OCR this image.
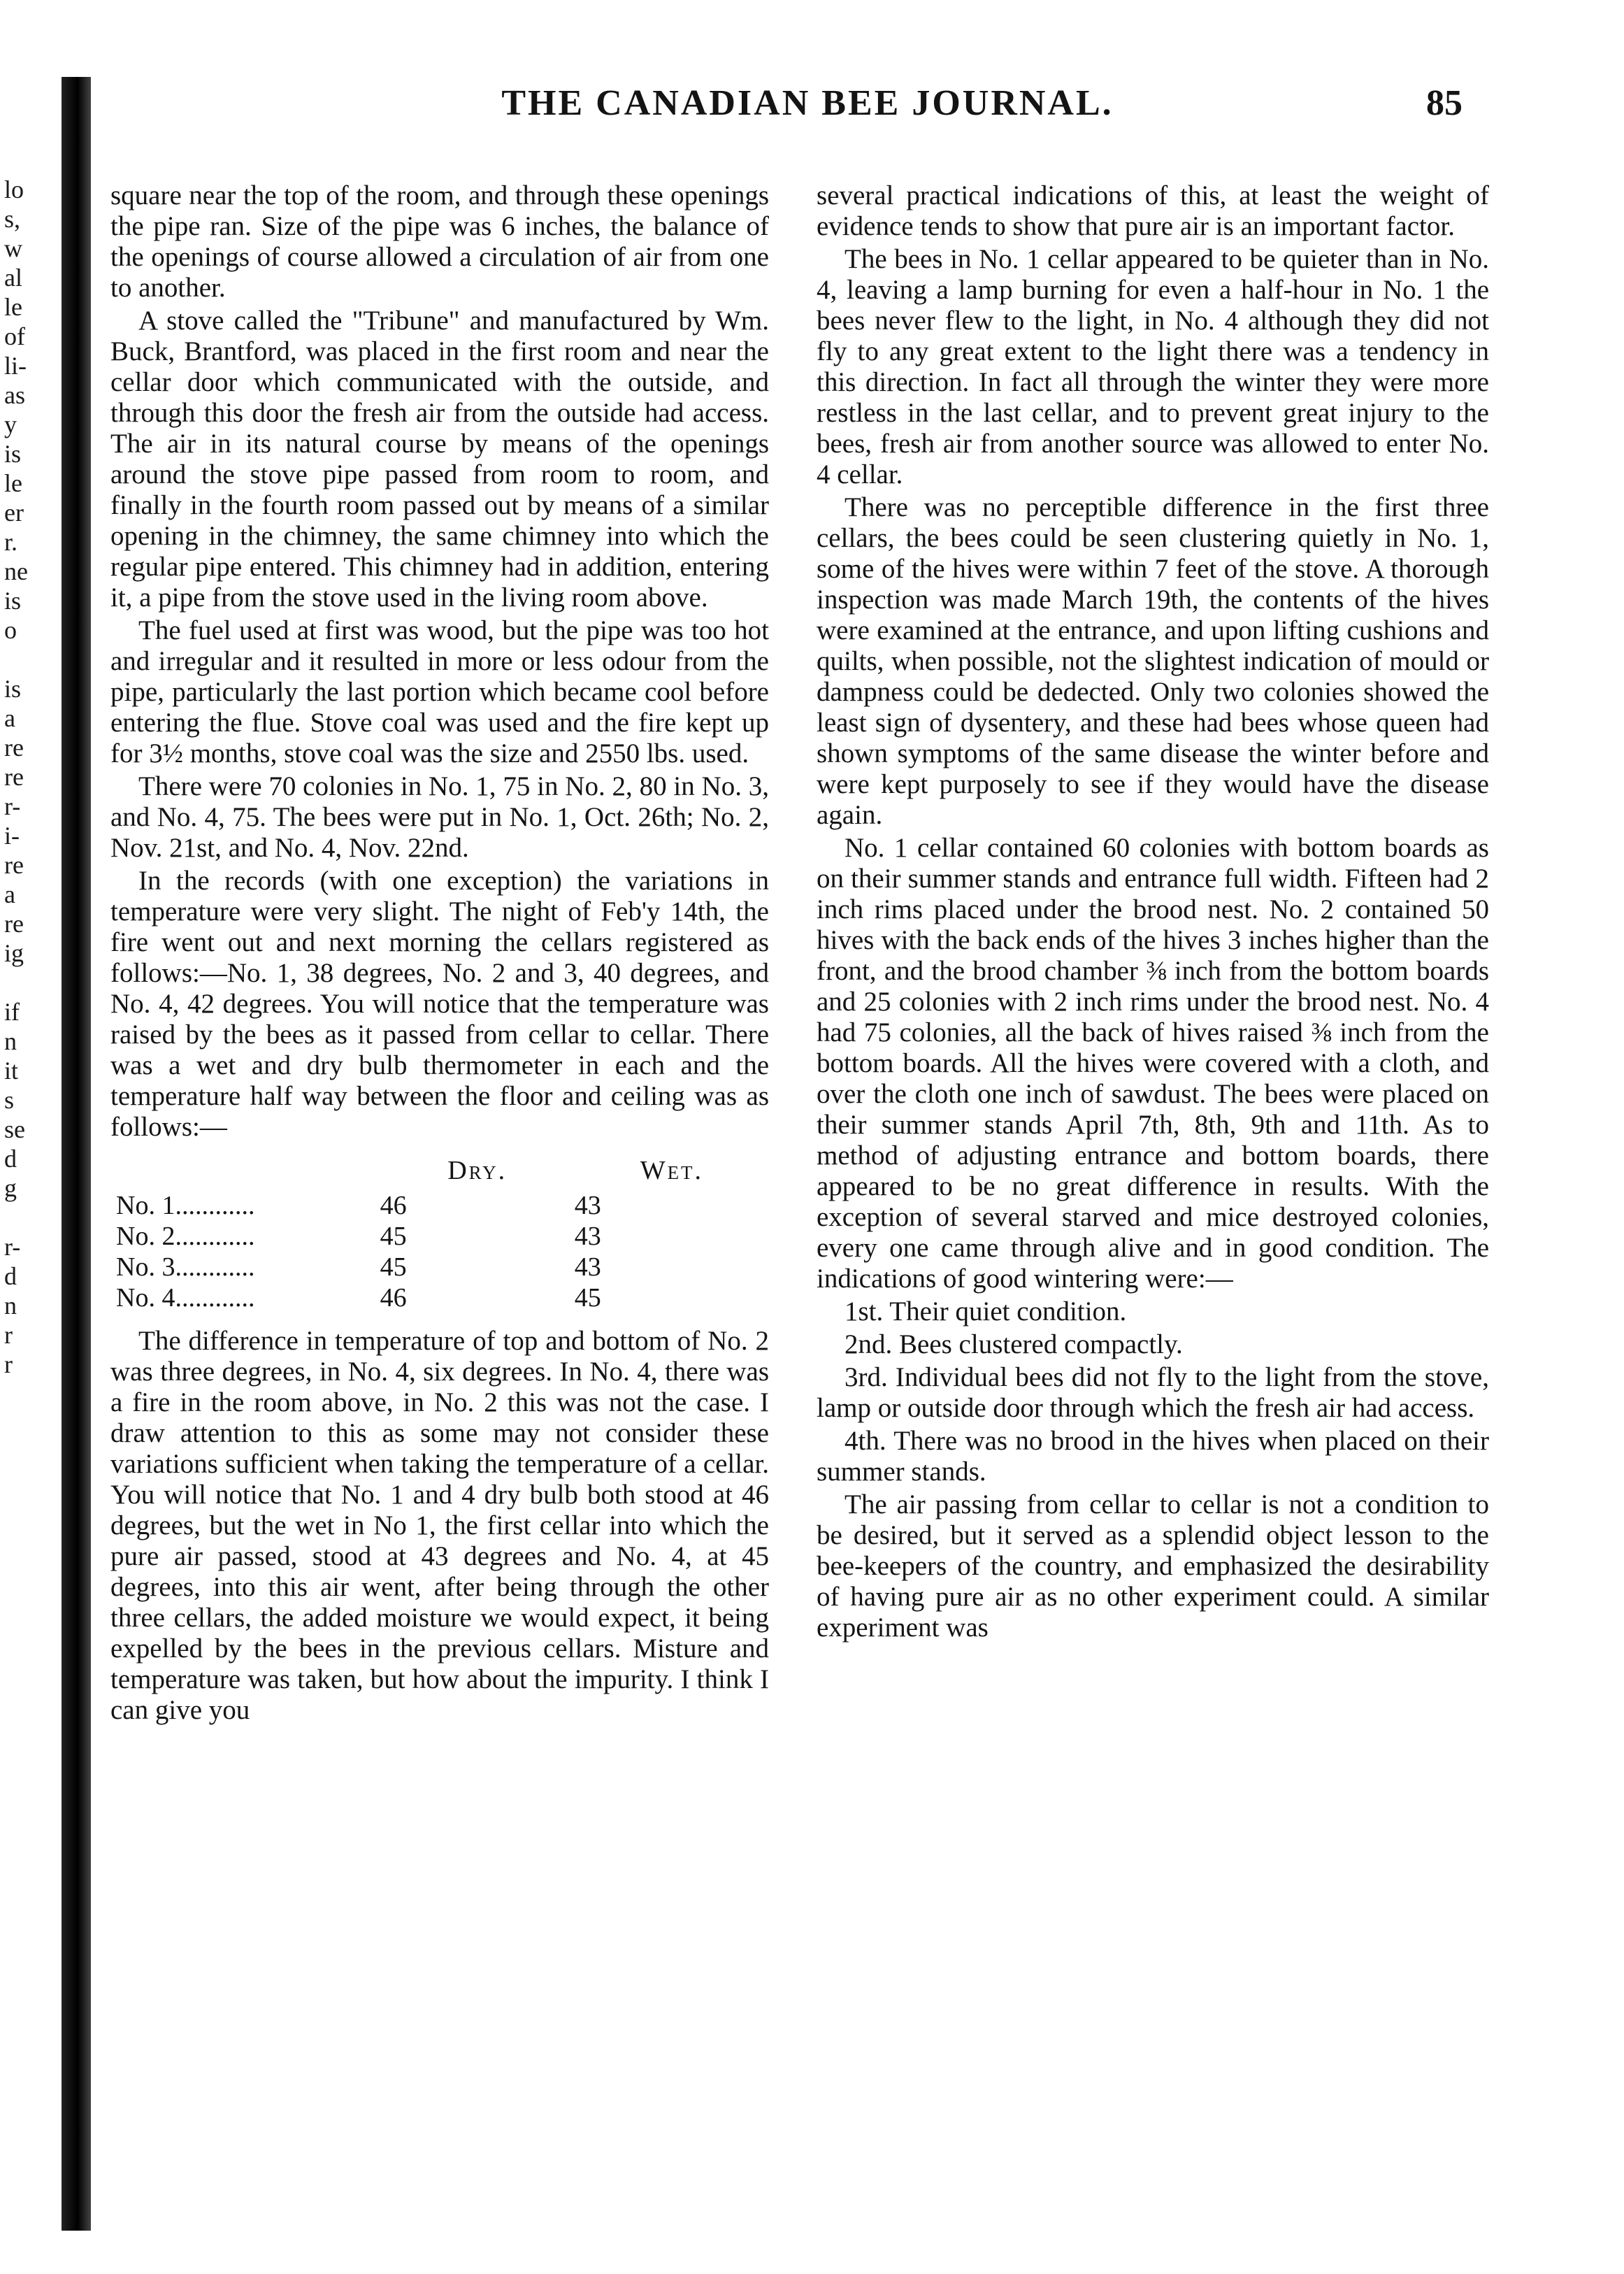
THE CANADIAN BEE JOURNAL.	85
lo
s,
w
al
le
of
li-
as
y
is
le
er
r.
ne
is
o
is
a
re
re
r-
i-
re
a
re
ig
if
n
it
s
se
d
g
r-
d
n
r
r

square near the top of the room, and through these openings the pipe ran. Size of the pipe was 6 inches, the balance of the openings of course allowed a circulation of air from one to another.

A stove called the "Tribune" and manufactured by Wm. Buck, Brantford, was placed in the first room and near the cellar door which communicated with the outside, and through this door the fresh air from the outside had access. The air in its natural course by means of the openings around the stove pipe passed from room to room, and finally in the fourth room passed out by means of a similar opening in the chimney, the same chimney into which the regular pipe entered. This chimney had in addition, entering it, a pipe from the stove used in the living room above.

The fuel used at first was wood, but the pipe was too hot and irregular and it resulted in more or less odour from the pipe, particularly the last portion which became cool before entering the flue. Stove coal was used and the fire kept up for 3½ months, stove coal was the size and 2550 lbs. used.

There were 70 colonies in No. 1, 75 in No. 2, 80 in No. 3, and No. 4, 75. The bees were put in No. 1, Oct. 26th; No. 2, Nov. 21st, and No. 4, Nov. 22nd.

In the records (with one exception) the variations in temperature were very slight. The night of Feb'y 14th, the fire went out and next morning the cellars registered as follows:—No. 1, 38 degrees, No. 2 and 3, 40 degrees, and No. 4, 42 degrees. You will notice that the temperature was raised by the bees as it passed from cellar to cellar. There was a wet and dry bulb thermometer in each and the temperature half way between the floor and ceiling was as follows:—

	Dry.	Wet.
No. 1............	46	43
No. 2............	45	43
No. 3............	45	43
No. 4............	46	45

The difference in temperature of top and bottom of No. 2 was three degrees, in No. 4, six degrees. In No. 4, there was a fire in the room above, in No. 2 this was not the case. I draw attention to this as some may not consider these variations sufficient when taking the temperature of a cellar. You will notice that No. 1 and 4 dry bulb both stood at 46 degrees, but the wet in No 1, the first cellar into which the pure air passed, stood at 43 degrees and No. 4, at 45 degrees, into this air went, after being through the other three cellars, the added moisture we would expect, it being expelled by the bees in the previous cellars. Misture and temperature was taken, but how about the impurity. I think I can give you

several practical indications of this, at least the weight of evidence tends to show that pure air is an important factor.

The bees in No. 1 cellar appeared to be quieter than in No. 4, leaving a lamp burning for even a half-hour in No. 1 the bees never flew to the light, in No. 4 although they did not fly to any great extent to the light there was a tendency in this direction. In fact all through the winter they were more restless in the last cellar, and to prevent great injury to the bees, fresh air from another source was allowed to enter No. 4 cellar.

There was no perceptible difference in the first three cellars, the bees could be seen clustering quietly in No. 1, some of the hives were within 7 feet of the stove. A thorough inspection was made March 19th, the contents of the hives were examined at the entrance, and upon lifting cushions and quilts, when possible, not the slightest indication of mould or dampness could be dedected. Only two colonies showed the least sign of dysentery, and these had bees whose queen had shown symptoms of the same disease the winter before and were kept purposely to see if they would have the disease again.

No. 1 cellar contained 60 colonies with bottom boards as on their summer stands and entrance full width. Fifteen had 2 inch rims placed under the brood nest. No. 2 contained 50 hives with the back ends of the hives 3 inches higher than the front, and the brood chamber ⅜ inch from the bottom boards and 25 colonies with 2 inch rims under the brood nest. No. 4 had 75 colonies, all the back of hives raised ⅜ inch from the bottom boards. All the hives were covered with a cloth, and over the cloth one inch of sawdust. The bees were placed on their summer stands April 7th, 8th, 9th and 11th. As to method of adjusting entrance and bottom boards, there appeared to be no great difference in results. With the exception of several starved and mice destroyed colonies, every one came through alive and in good condition. The indications of good wintering were:—

1st. Their quiet condition.

2nd. Bees clustered compactly.

3rd. Individual bees did not fly to the light from the stove, lamp or outside door through which the fresh air had access.

4th. There was no brood in the hives when placed on their summer stands.

The air passing from cellar to cellar is not a condition to be desired, but it served as a splendid object lesson to the bee-keepers of the country, and emphasized the desirability of having pure air as no other experiment could. A similar experiment was
